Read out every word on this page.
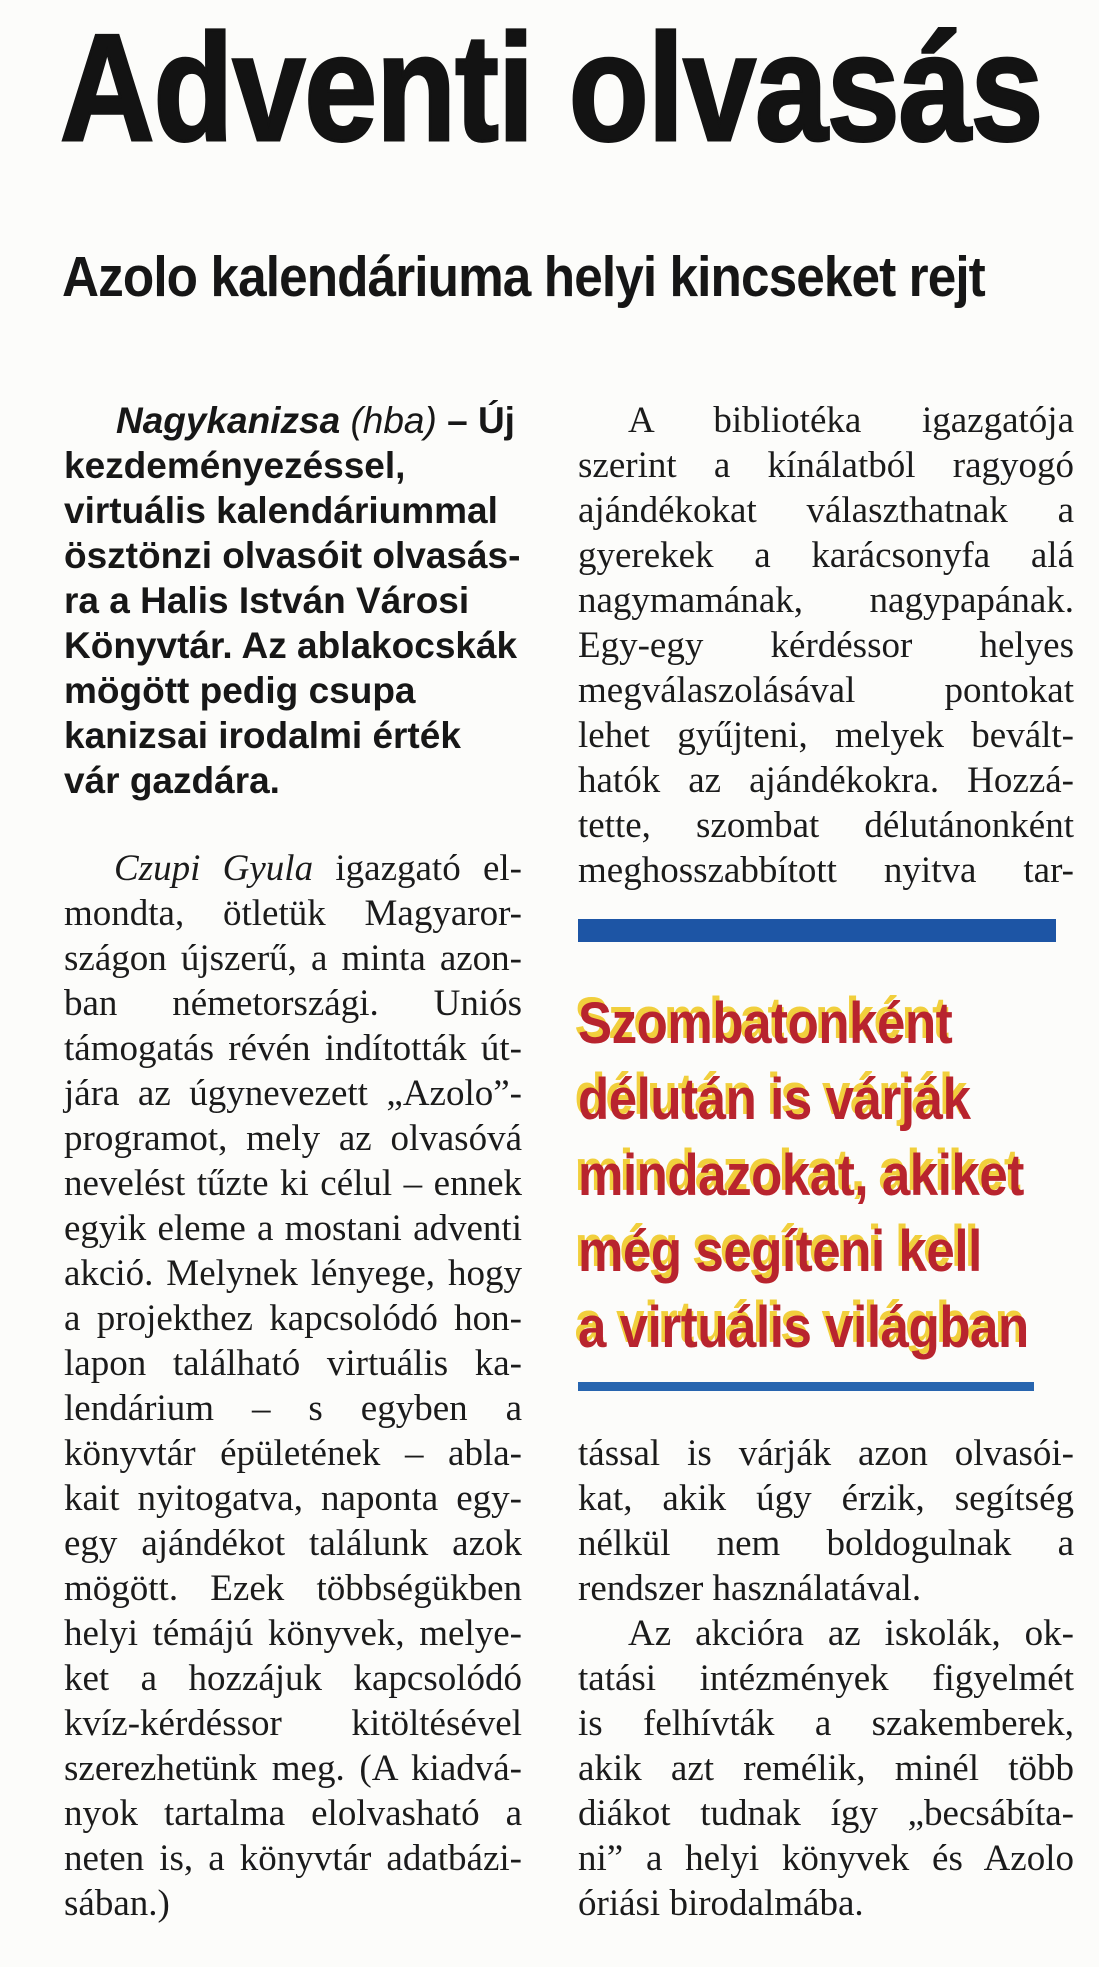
Adventi olvasás
Azolo kalendáriuma helyi kincseket rejt
Nagykanizsa (hba) – Új
kezdeményezéssel,
virtuális kalendáriummal
ösztönzi olvasóit olvasás-
ra a Halis István Városi
Könyvtár. Az ablakocskák
mögött pedig csupa
kanizsai irodalmi érték
vár gazdára.
Czupi Gyula igazgató el-
mondta, ötletük Magyaror-
szágon újszerű, a minta azon-
ban németországi. Uniós
támogatás révén indították út-
jára az úgynevezett „Azolo”-
programot, mely az olvasóvá
nevelést tűzte ki célul – ennek
egyik eleme a mostani adventi
akció. Melynek lényege, hogy
a projekthez kapcsolódó hon-
lapon található virtuális ka-
lendárium – s egyben a
könyvtár épületének – abla-
kait nyitogatva, naponta egy-
egy ajándékot találunk azok
mögött. Ezek többségükben
helyi témájú könyvek, melye-
ket a hozzájuk kapcsolódó
kvíz-kérdéssor kitöltésével
szerezhetünk meg. (A kiadvá-
nyok tartalma elolvasható a
neten is, a könyvtár adatbázi-
sában.)
A bibliotéka igazgatója
szerint a kínálatból ragyogó
ajándékokat választhatnak a
gyerekek a karácsonyfa alá
nagymamának, nagypapának.
Egy-egy kérdéssor helyes
megválaszolásával pontokat
lehet gyűjteni, melyek bevált-
hatók az ajándékokra. Hozzá-
tette, szombat délutánonként
meghosszabbított nyitva tar-
Szombatonként
délután is várják
mindazokat, akiket
még segíteni kell
a virtuális világban
tással is várják azon olvasói-
kat, akik úgy érzik, segítség
nélkül nem boldogulnak a
rendszer használatával.
Az akcióra az iskolák, ok-
tatási intézmények figyelmét
is felhívták a szakemberek,
akik azt remélik, minél több
diákot tudnak így „becsábíta-
ni” a helyi könyvek és Azolo
óriási birodalmába.
